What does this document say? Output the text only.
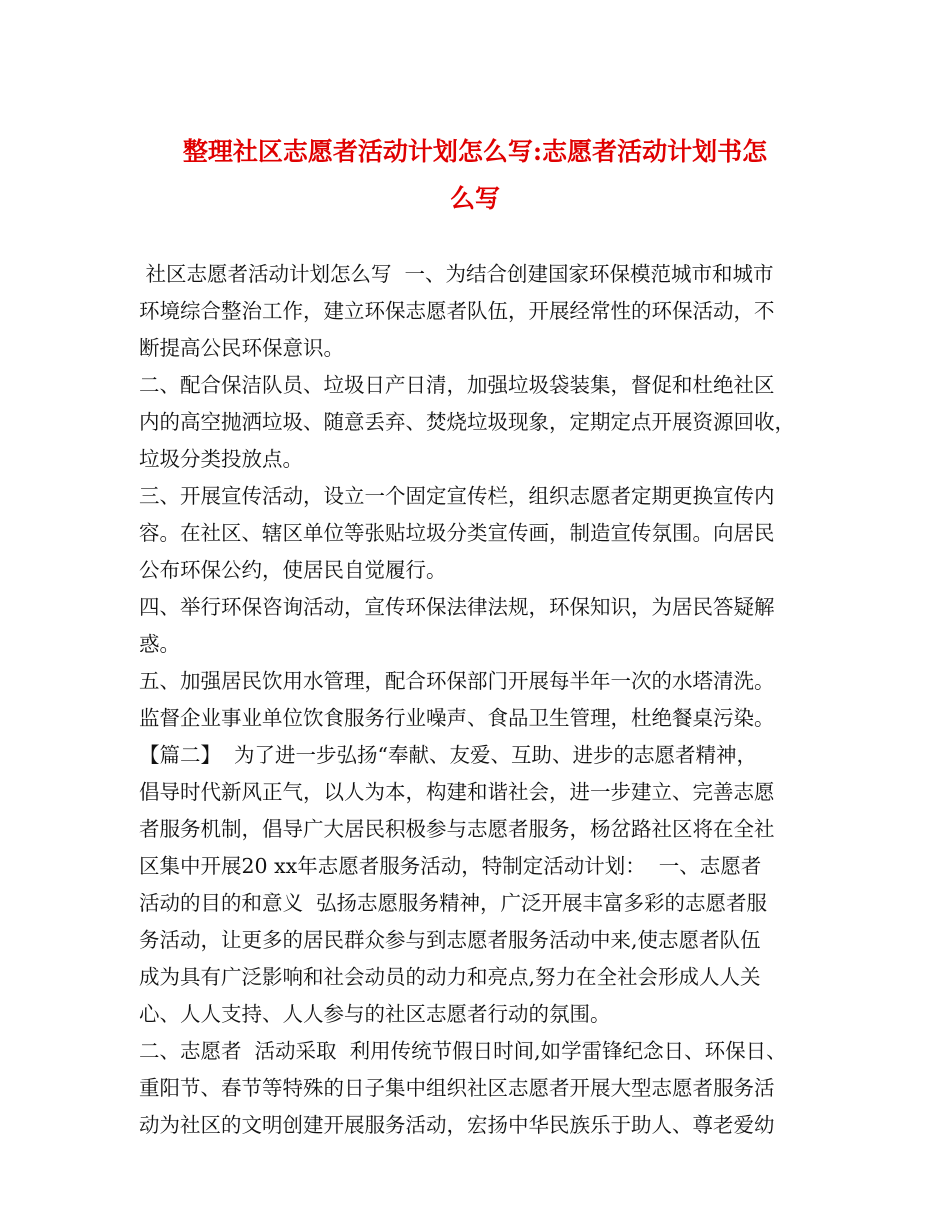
整理社区志愿者活动计划怎么写:志愿者活动计划书怎
么写
社区志愿者活动计划怎么写  一、为结合创建国家环保模范城市和城市
环境综合整治工作，建立环保志愿者队伍，开展经常性的环保活动，不
断提高公民环保意识。
二、配合保洁队员、垃圾日产日清，加强垃圾袋装集，督促和杜绝社区
内的高空抛洒垃圾、随意丢弃、焚烧垃圾现象，定期定点开展资源回收，
垃圾分类投放点。
三、开展宣传活动，设立一个固定宣传栏，组织志愿者定期更换宣传内
容。在社区、辖区单位等张贴垃圾分类宣传画，制造宣传氛围。向居民
公布环保公约，使居民自觉履行。
四、举行环保咨询活动，宣传环保法律法规，环保知识，为居民答疑解
惑。
五、加强居民饮用水管理，配合环保部门开展每半年一次的水塔清洗。
监督企业事业单位饮食服务行业噪声、食品卫生管理，杜绝餐桌污染。
【篇二】  为了进一步弘扬“奉献、友爱、互助、进步的志愿者精神，
倡导时代新风正气，以人为本，构建和谐社会，进一步建立、完善志愿
者服务机制，倡导广大居民积极参与志愿者服务，杨岔路社区将在全社
区集中开展20 xx年志愿者服务活动，特制定活动计划：  一、志愿者
活动的目的和意义  弘扬志愿服务精神，广泛开展丰富多彩的志愿者服
务活动，让更多的居民群众参与到志愿者服务活动中来,使志愿者队伍
成为具有广泛影响和社会动员的动力和亮点,努力在全社会形成人人关
心、人人支持、人人参与的社区志愿者行动的氛围。
二、志愿者  活动采取  利用传统节假日时间,如学雷锋纪念日、环保日、
重阳节、春节等特殊的日子集中组织社区志愿者开展大型志愿者服务活
动为社区的文明创建开展服务活动，宏扬中华民族乐于助人、尊老爱幼
